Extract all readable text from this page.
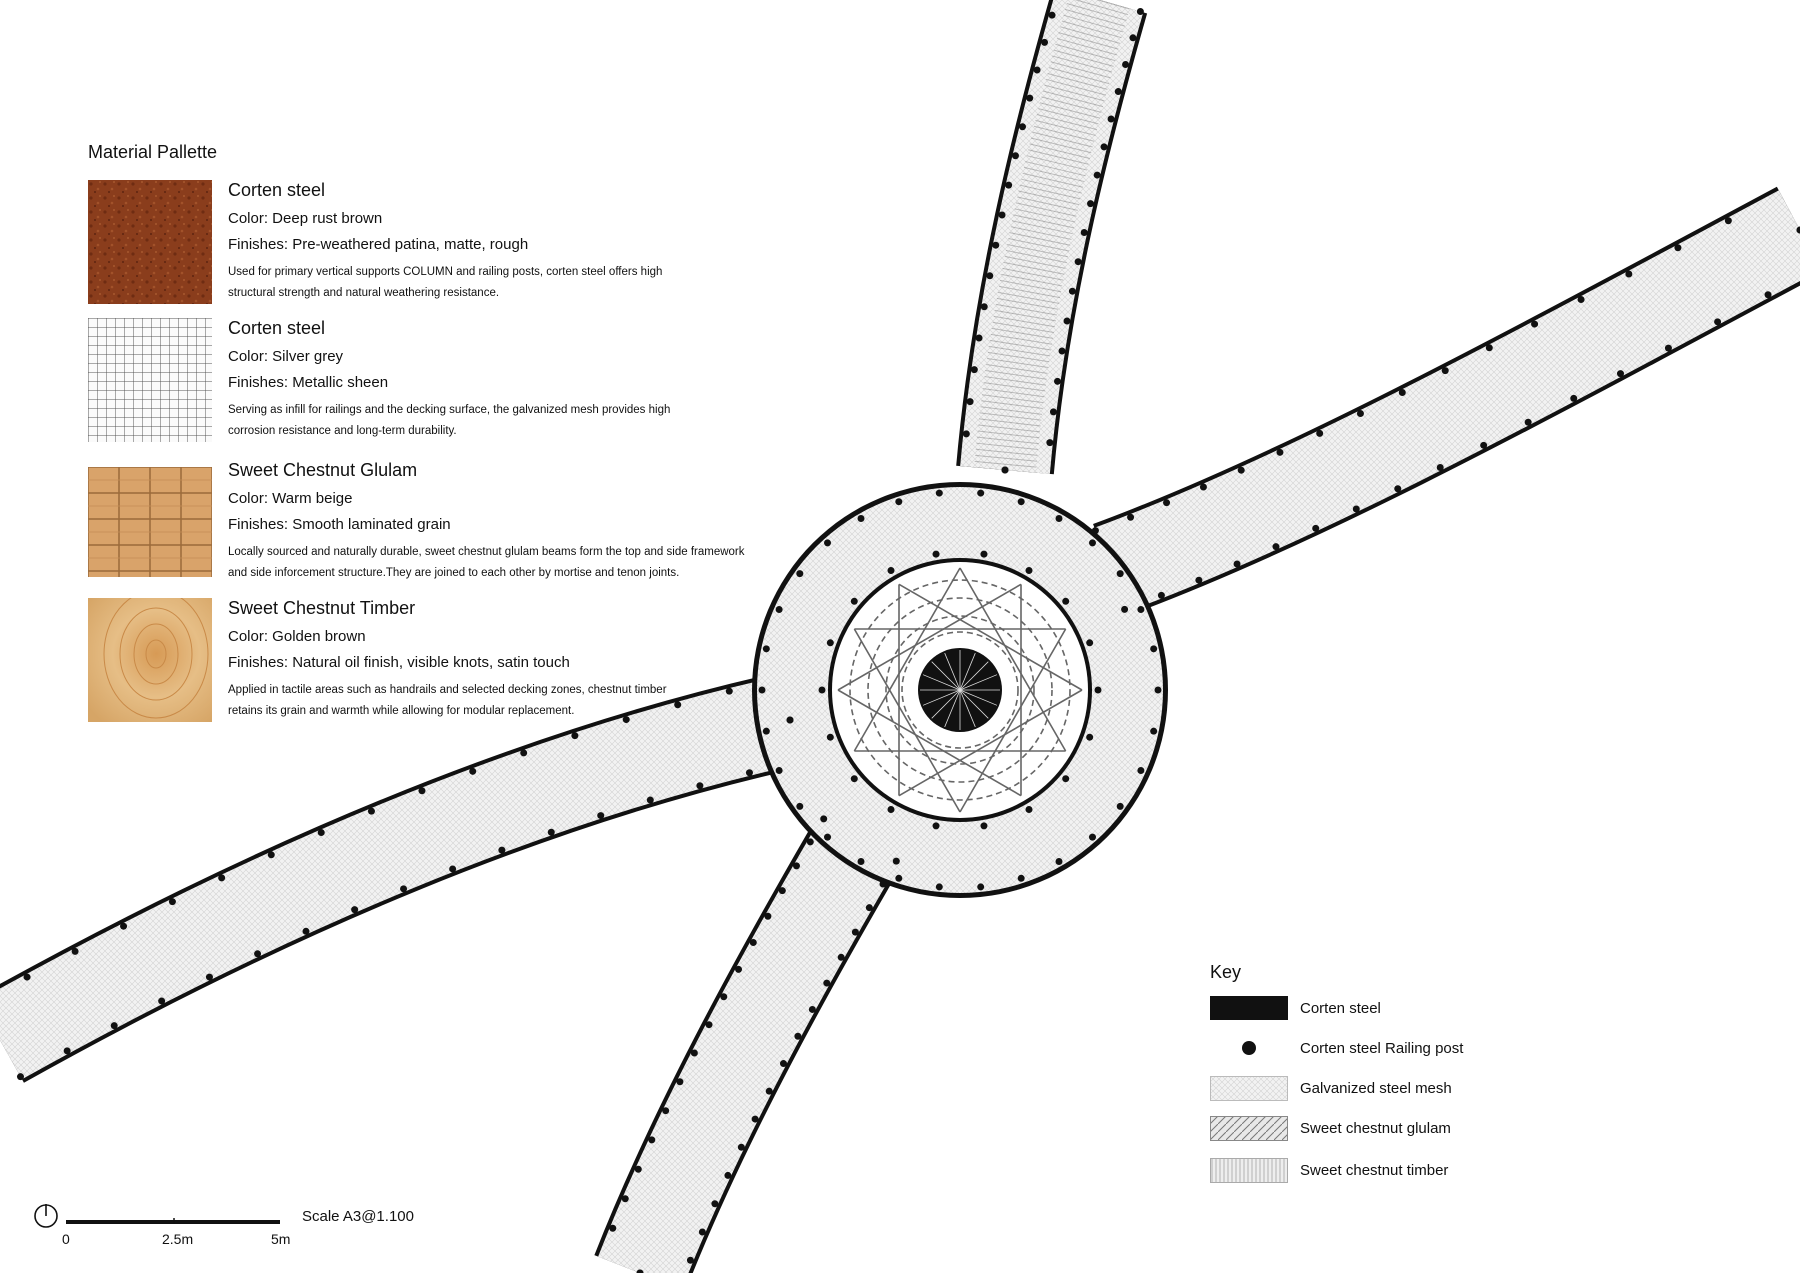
Material Pallette
Corten steel
Color: Deep rust brown
Finishes: Pre-weathered patina, matte, rough
Used for primary vertical supports COLUMN and railing posts, corten steel offers high
structural strength and natural weathering resistance.
Corten steel
Color: Silver grey
Finishes: Metallic sheen
Serving as infill for railings and the decking surface, the galvanized mesh provides high
corrosion resistance and long-term durability.
Sweet Chestnut Glulam
Color: Warm beige
Finishes: Smooth laminated grain
Locally sourced and naturally durable, sweet chestnut glulam beams form the top and side framework
and side inforcement structure.They are joined to each other by mortise and tenon joints.
Sweet Chestnut Timber
Color: Golden brown
Finishes: Natural oil finish, visible knots, satin touch
Applied in tactile areas such as handrails and selected decking zones, chestnut timber
retains its grain and warmth while allowing for modular replacement.
Key
Corten steel
Corten steel Railing post
Galvanized steel mesh
Sweet chestnut glulam
Sweet chestnut timber
0	2.5m	5m
Scale A3@1.100
